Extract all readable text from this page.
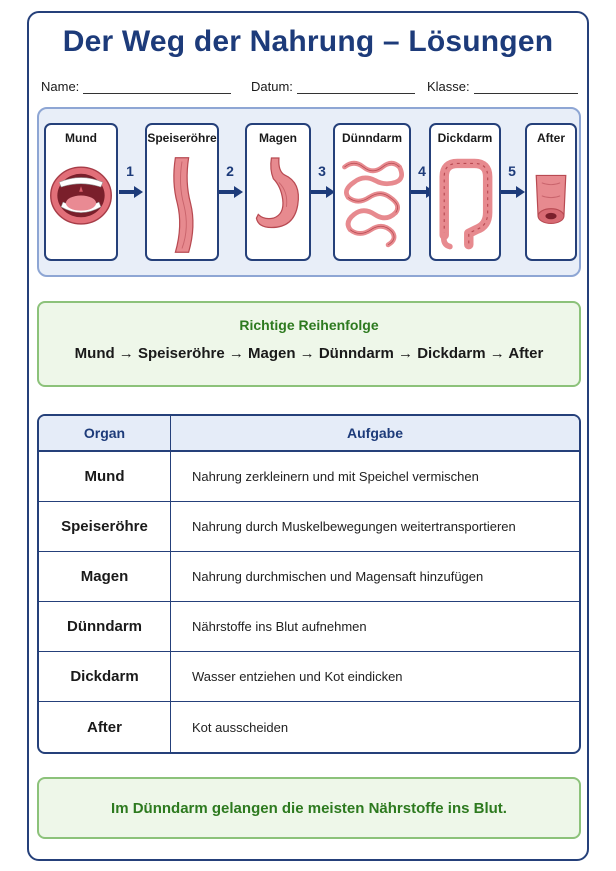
Der Weg der Nahrung – Lösungen
Name:	Datum:	Klasse:
Mund
1
Speiseröhre
2
Magen
3
Dünndarm
4
Dickdarm
5
After
Richtige Reihenfolge
Mund → Speiseröhre → Magen → Dünndarm → Dickdarm → After
Organ	Aufgabe
Mund	Nahrung zerkleinern und mit Speichel vermischen
Speiseröhre	Nahrung durch Muskelbewegungen weitertransportieren
Magen	Nahrung durchmischen und Magensaft hinzufügen
Dünndarm	Nährstoffe ins Blut aufnehmen
Dickdarm	Wasser entziehen und Kot eindicken
After	Kot ausscheiden
Im Dünndarm gelangen die meisten Nährstoffe ins Blut.
